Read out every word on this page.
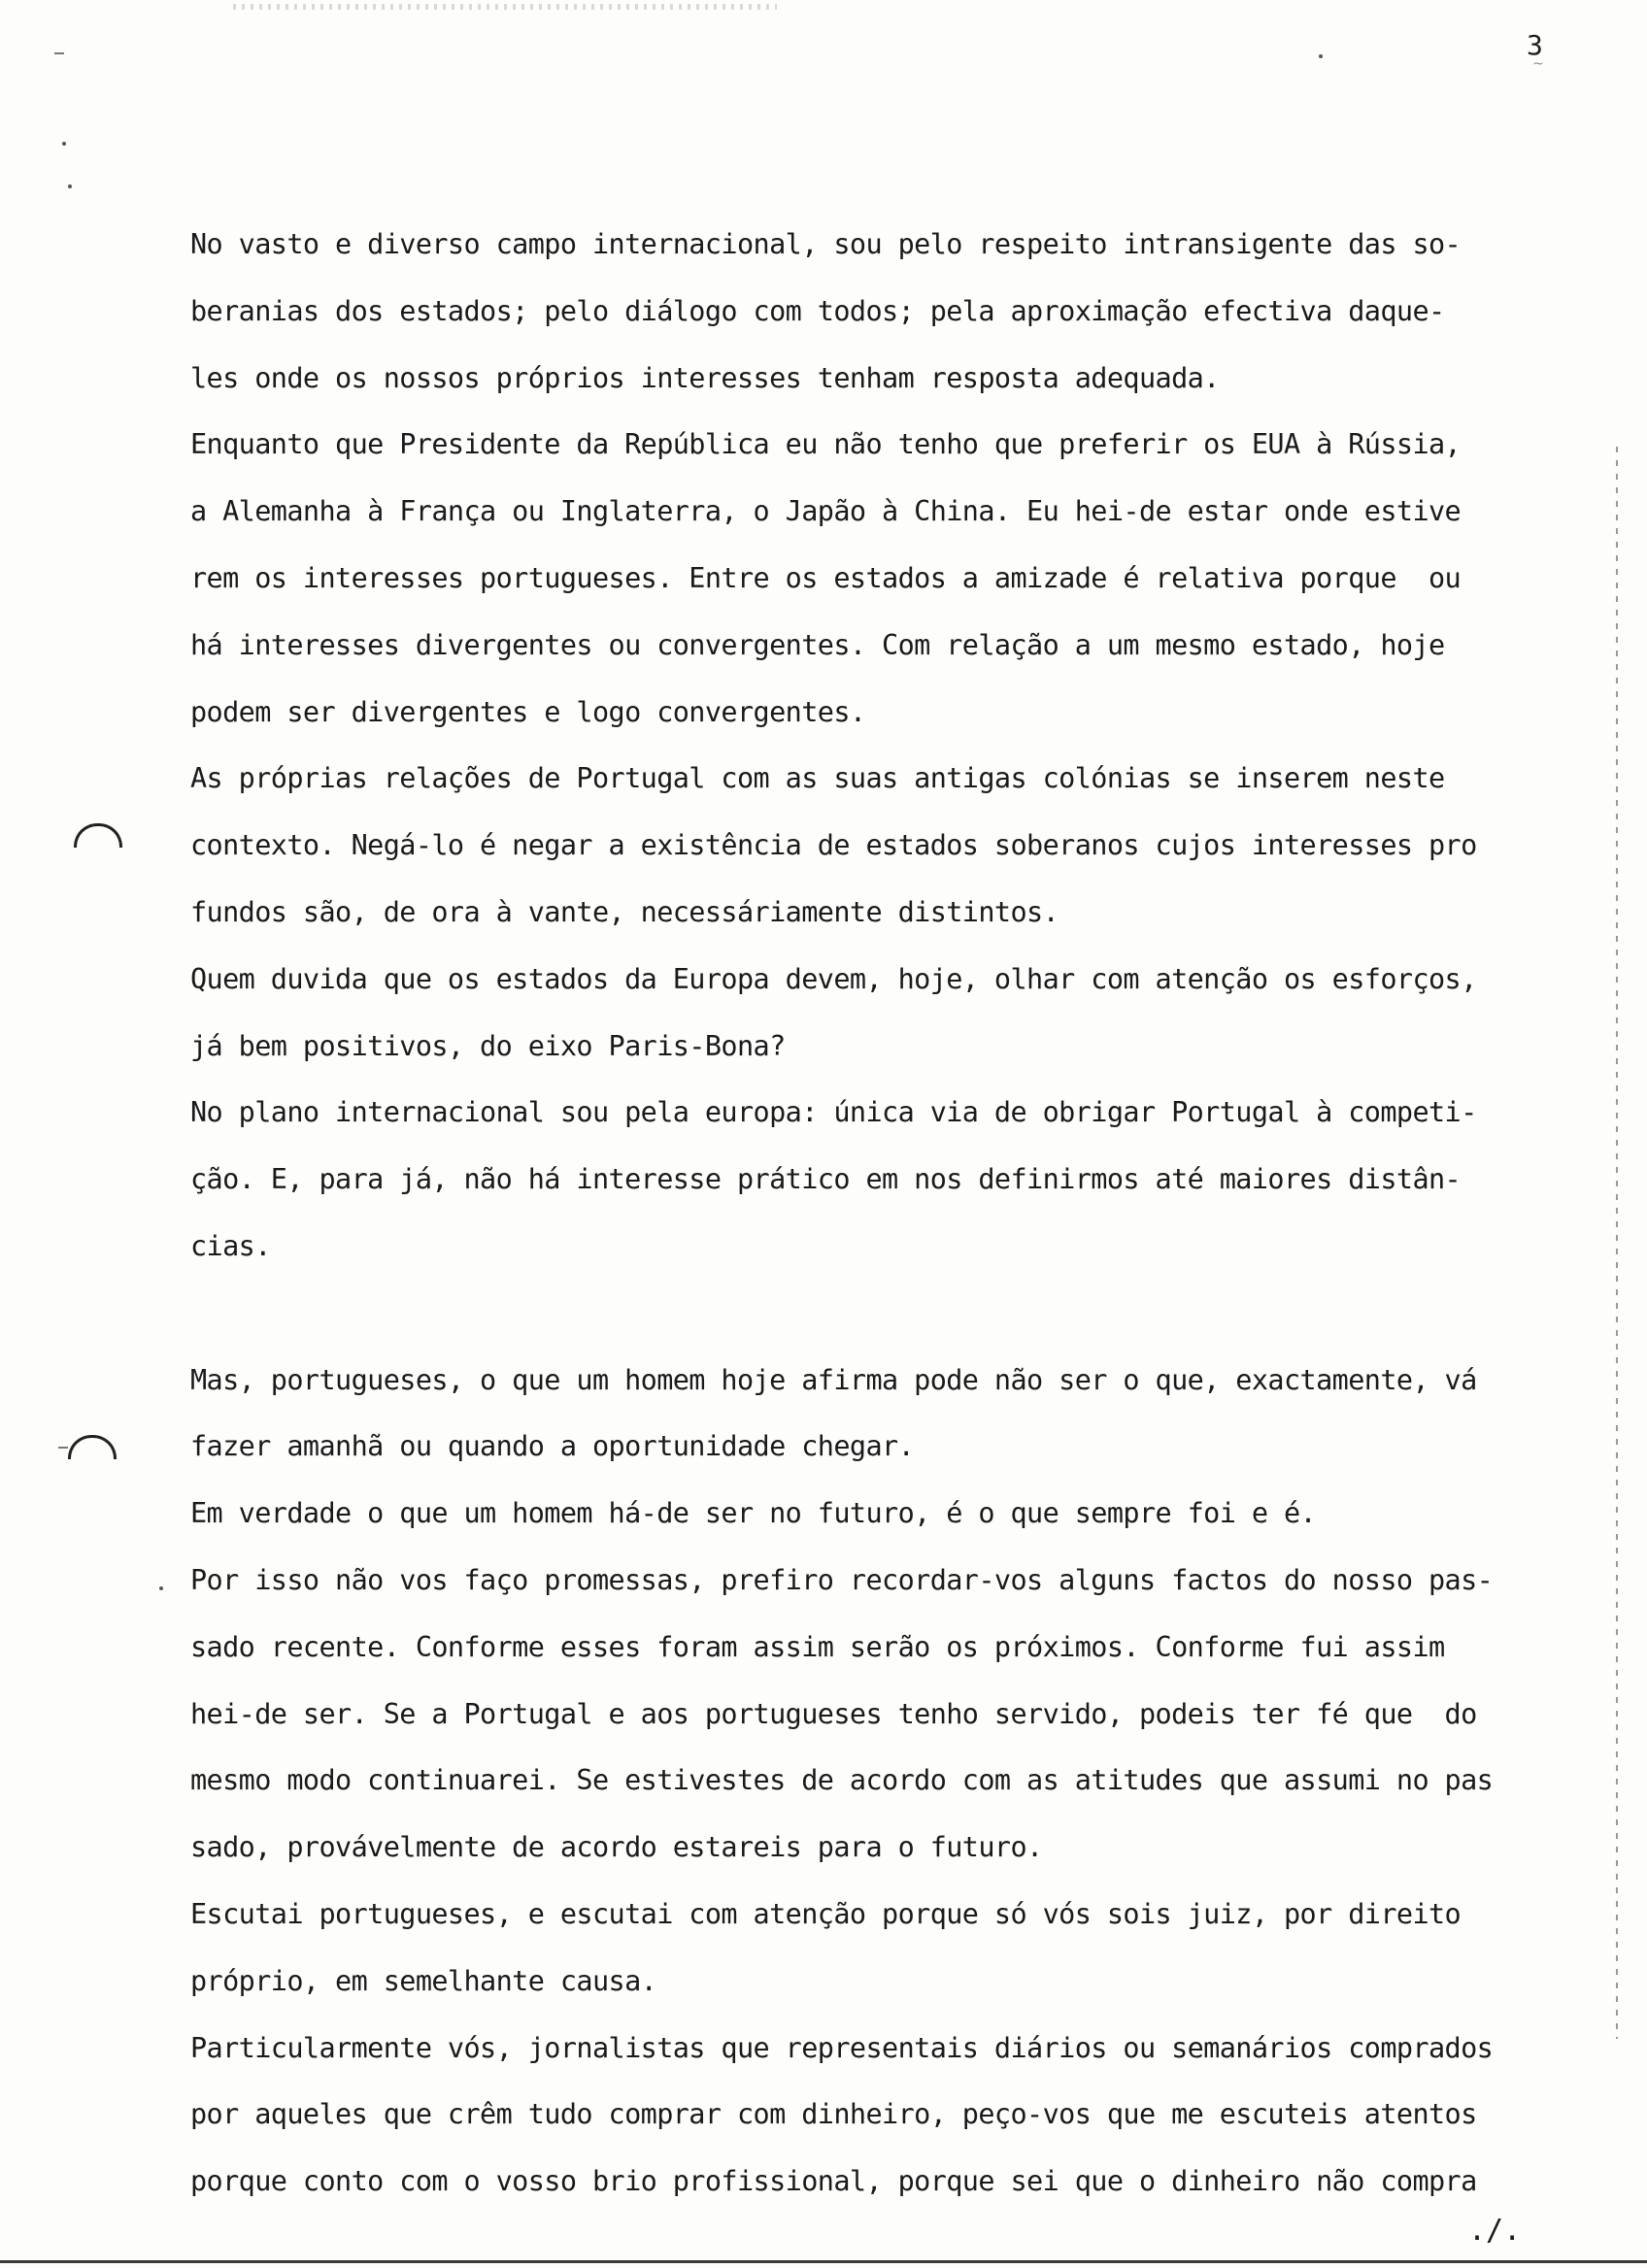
3
~
No vasto e diverso campo internacional, sou pelo respeito intransigente das so-
beranias dos estados; pelo diálogo com todos; pela aproximação efectiva daque-
les onde os nossos próprios interesses tenham resposta adequada.
Enquanto que Presidente da República eu não tenho que preferir os EUA à Rússia,
a Alemanha à França ou Inglaterra, o Japão à China. Eu hei-de estar onde estive
rem os interesses portugueses. Entre os estados a amizade é relativa porque  ou
há interesses divergentes ou convergentes. Com relação a um mesmo estado, hoje
podem ser divergentes e logo convergentes.
As próprias relações de Portugal com as suas antigas colónias se inserem neste
contexto. Negá-lo é negar a existência de estados soberanos cujos interesses pro
fundos são, de ora à vante, necessáriamente distintos.
Quem duvida que os estados da Europa devem, hoje, olhar com atenção os esforços,
já bem positivos, do eixo Paris-Bona?
No plano internacional sou pela europa: única via de obrigar Portugal à competi-
ção. E, para já, não há interesse prático em nos definirmos até maiores distân-
cias.
Mas, portugueses, o que um homem hoje afirma pode não ser o que, exactamente, vá
fazer amanhã ou quando a oportunidade chegar.
Em verdade o que um homem há-de ser no futuro, é o que sempre foi e é.
Por isso não vos faço promessas, prefiro recordar-vos alguns factos do nosso pas-
sado recente. Conforme esses foram assim serão os próximos. Conforme fui assim
hei-de ser. Se a Portugal e aos portugueses tenho servido, podeis ter fé que  do
mesmo modo continuarei. Se estivestes de acordo com as atitudes que assumi no pas
sado, provávelmente de acordo estareis para o futuro.
Escutai portugueses, e escutai com atenção porque só vós sois juiz, por direito
próprio, em semelhante causa.
Particularmente vós, jornalistas que representais diários ou semanários comprados
por aqueles que crêm tudo comprar com dinheiro, peço-vos que me escuteis atentos
porque conto com o vosso brio profissional, porque sei que o dinheiro não compra
./.
